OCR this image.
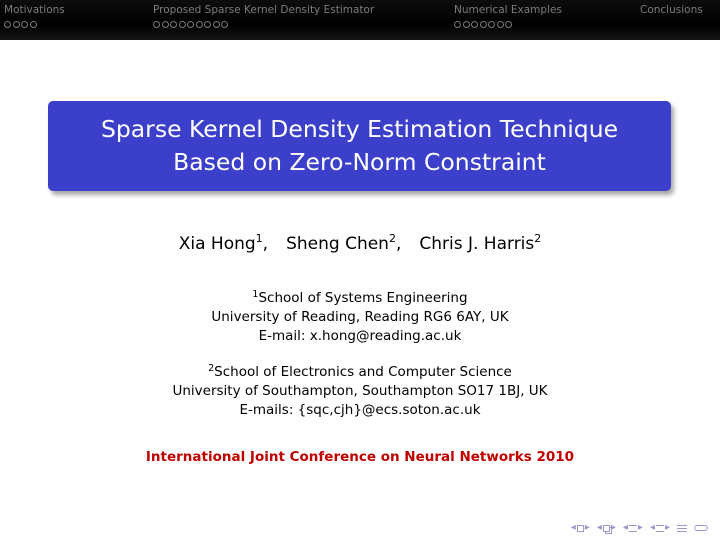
Motivations	Proposed Sparse Kernel Density Estimator	Numerical Examples	Conclusions
Sparse Kernel Density Estimation Technique
Based on Zero-Norm Constraint
Xia Hong$^1$, Sheng Chen$^2$, Chris J. Harris$^2$
$^1$School of Systems Engineering
University of Reading, Reading RG6 6AY, UK
E-mail: x.hong@reading.ac.uk
$^2$School of Electronics and Computer Science
University of Southampton, Southampton SO17 1BJ, UK
E-mails: {sqc,cjh}@ecs.soton.ac.uk
International Joint Conference on Neural Networks 2010
◂ ▸ ◂ ▸ ◂ ▸ ◂ ▸
